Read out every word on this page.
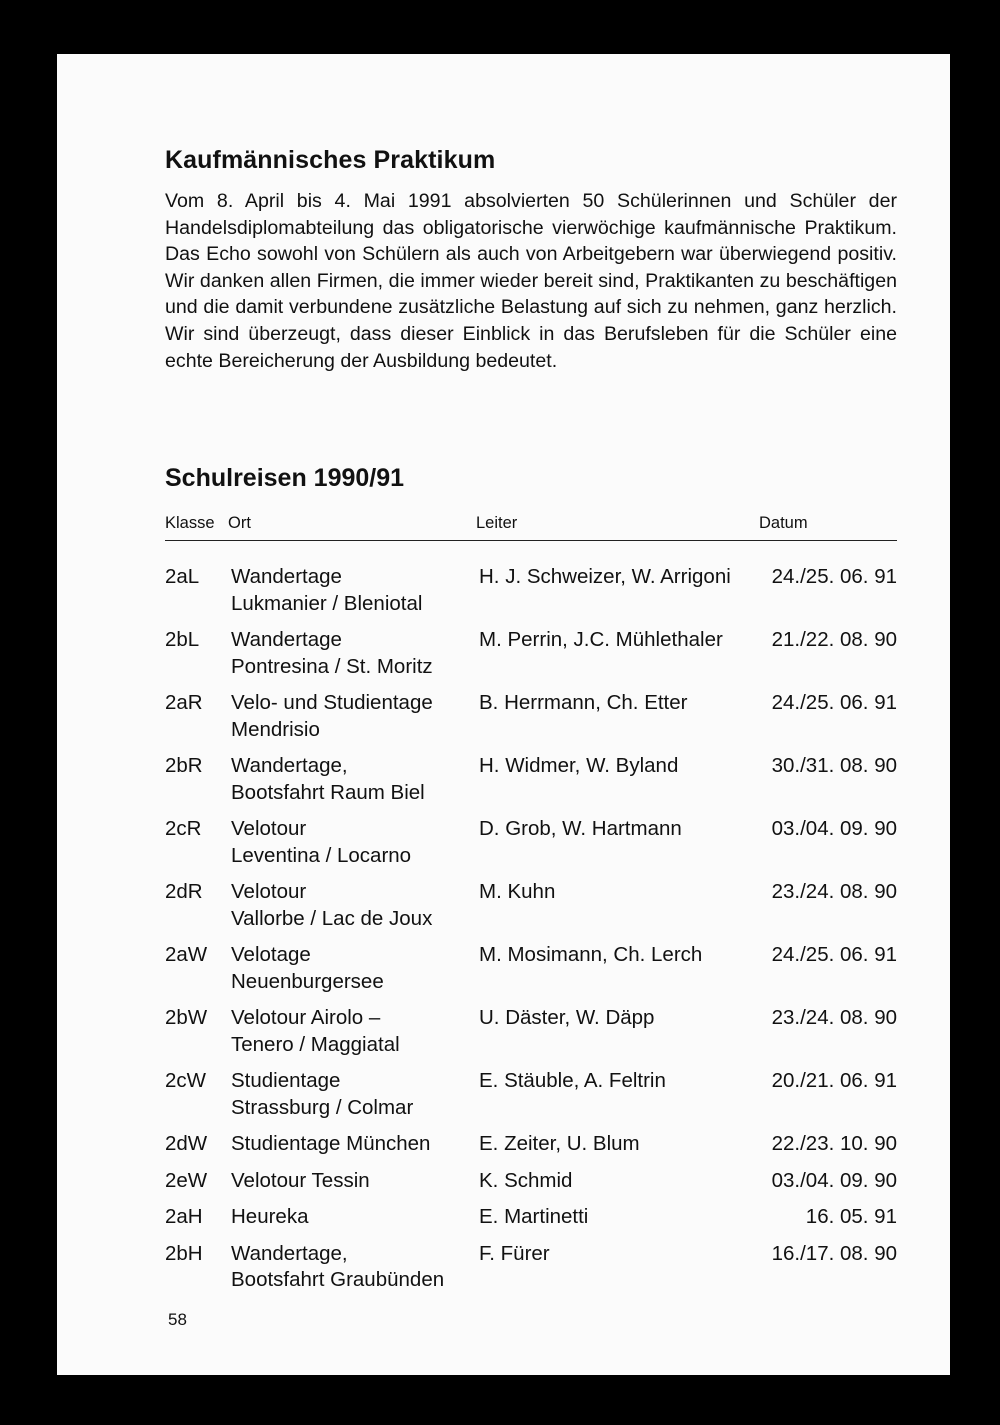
Kaufmännisches Praktikum

Vom 8. April bis 4. Mai 1991 absolvierten 50 Schülerinnen und Schüler der Handelsdiplomabteilung das obligatorische vierwöchige kaufmännische Praktikum. Das Echo sowohl von Schülern als auch von Arbeitgebern war überwiegend positiv. Wir danken allen Firmen, die immer wieder bereit sind, Praktikanten zu beschäftigen und die damit verbundene zusätzliche Belastung auf sich zu nehmen, ganz herzlich. Wir sind überzeugt, dass dieser Einblick in das Berufsleben für die Schüler eine echte Bereicherung der Ausbildung bedeutet.

Schulreisen 1990/91
Klasse Ort	Leiter	Datum
2aL Wandertage
Lukmanier / Bleniotal
H. J. Schweizer, W. Arrigoni 24./25. 06. 91
2bL Wandertage
Pontresina / St. Moritz
M. Perrin, J.C. Mühlethaler 21./22. 08. 90
2aR Velo- und Studientage
Mendrisio
B. Herrmann, Ch. Etter	24./25. 06. 91
2bR Wandertage,
Bootsfahrt Raum Biel
H. Widmer, W. Byland	30./31. 08. 90
2cR Velotour
Leventina / Locarno
D. Grob, W. Hartmann	03./04. 09. 90
2dR Velotour
Vallorbe / Lac de Joux
M. Kuhn	23./24. 08. 90
2aW Velotage
Neuenburgersee
M. Mosimann, Ch. Lerch	24./25. 06. 91
2bW Velotour Airolo –
Tenero / Maggiatal
U. Däster, W. Däpp	23./24. 08. 90
2cW Studientage
Strassburg / Colmar
E. Stäuble, A. Feltrin	20./21. 06. 91
2dW Studientage München	E. Zeiter, U. Blum	22./23. 10. 90
2eW Velotour Tessin	K. Schmid	03./04. 09. 90
2aH Heureka	E. Martinetti	16. 05. 91
2bH Wandertage,
Bootsfahrt Graubünden
F. Fürer	16./17. 08. 90
58
